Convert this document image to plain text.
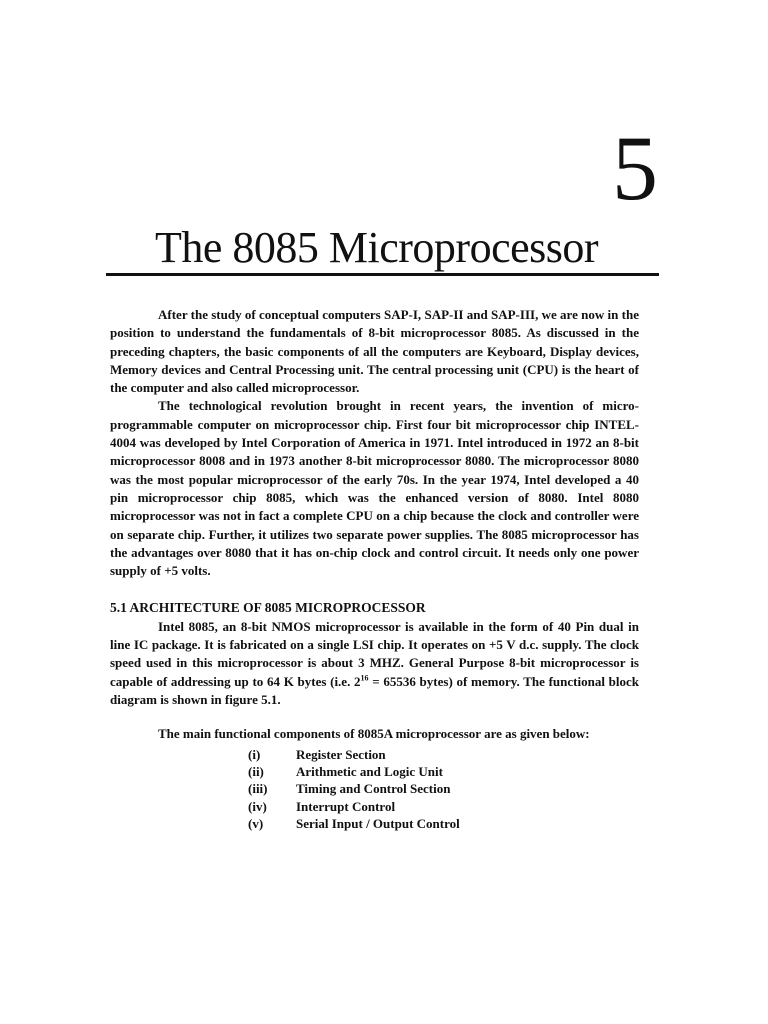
5
The 8085 Microprocessor

After the study of conceptual computers SAP-I, SAP-II and SAP-III, we are now in the position to understand the fundamentals of 8-bit microprocessor 8085. As discussed in the preceding chapters, the basic components of all the computers are Keyboard, Display devices, Memory devices and Central Processing unit. The central processing unit (CPU) is the heart of the computer and also called microprocessor.

The technological revolution brought in recent years, the invention of micro-programmable computer on microprocessor chip. First four bit microprocessor chip INTEL-4004 was developed by Intel Corporation of America in 1971. Intel introduced in 1972 an 8-bit microprocessor 8008 and in 1973 another 8-bit microprocessor 8080. The microprocessor 8080 was the most popular microprocessor of the early 70s. In the year 1974, Intel developed a 40 pin microprocessor chip 8085, which was the enhanced version of 8080. Intel 8080 microprocessor was not in fact a complete CPU on a chip because the clock and controller were on separate chip. Further, it utilizes two separate power supplies. The 8085 microprocessor has the advantages over 8080 that it has on-chip clock and control circuit. It needs only one power supply of +5 volts.

5.1 ARCHITECTURE OF 8085 MICROPROCESSOR

Intel 8085, an 8-bit NMOS microprocessor is available in the form of 40 Pin dual in line IC package. It is fabricated on a single LSI chip. It operates on +5 V d.c. supply. The clock speed used in this microprocessor is about 3 MHZ. General Purpose 8-bit microprocessor is capable of addressing up to 64 K bytes (i.e. $2^{16} = 65536$ bytes) of memory. The functional block diagram is shown in figure 5.1.

The main functional components of 8085A microprocessor are as given below:

(i)	Register Section
(ii)	Arithmetic and Logic Unit
(iii)	Timing and Control Section
(iv)	Interrupt Control
(v)	Serial Input / Output Control
